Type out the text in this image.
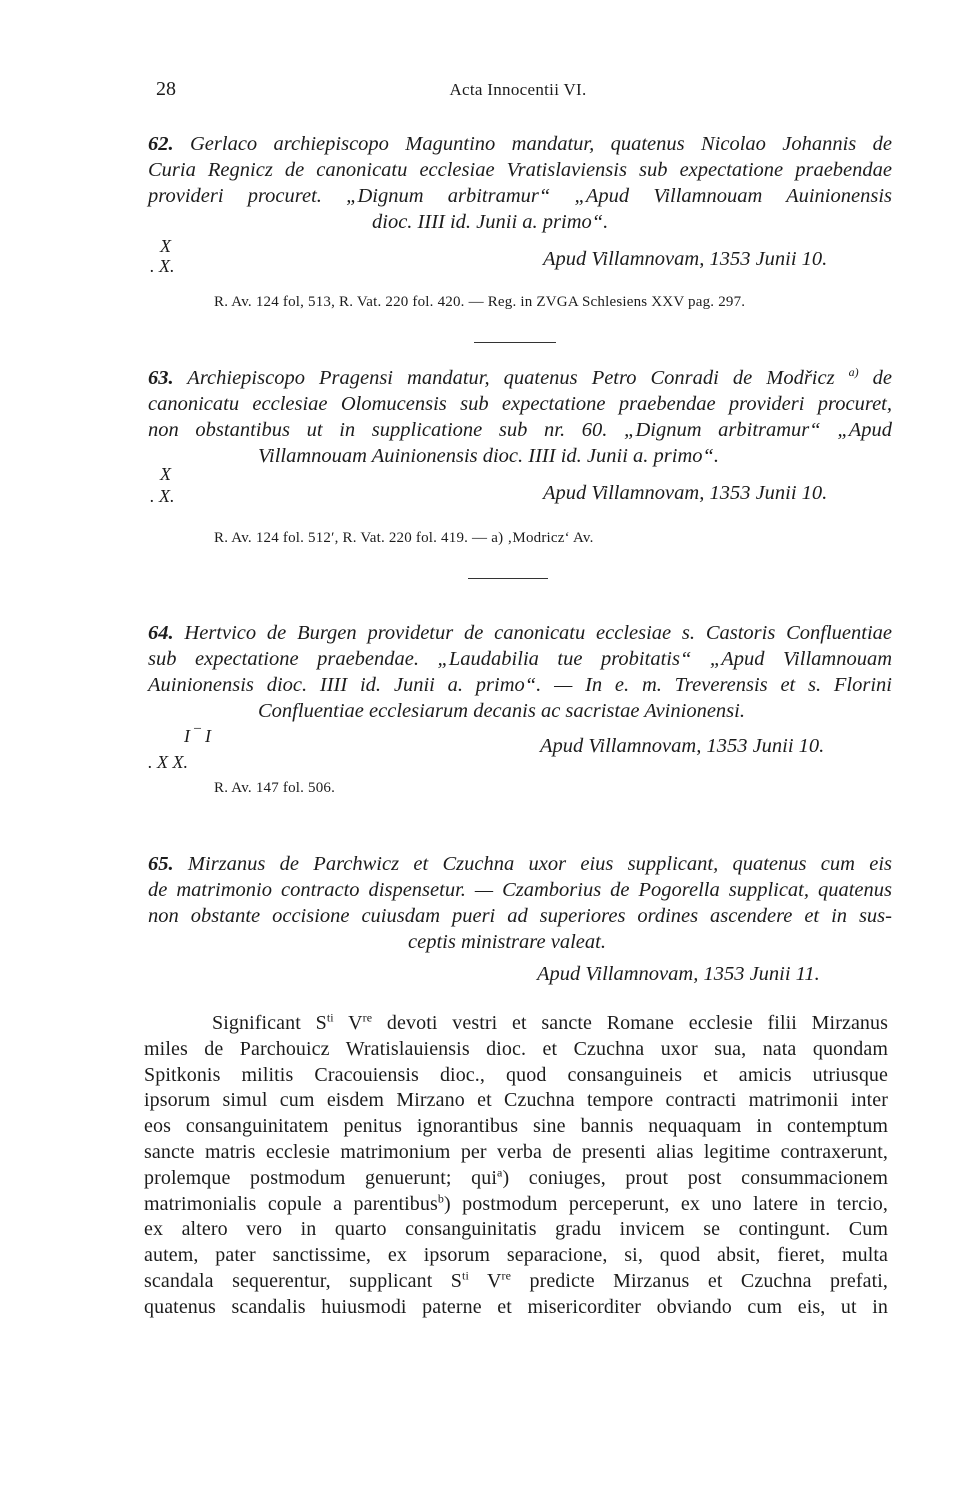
28	Acta Innocentii VI.
62. Gerlaco archiepiscopo Maguntino mandatur, quatenus Nicolao Johannis de
Curia Regnicz de canonicatu ecclesiae Vratislaviensis sub expectatione praebendae
provideri procuret. „Dignum arbitramur“ „Apud Villamnouam Auinionensis
dioc. IIII id. Junii a. primo“.
X
. X.	Apud Villamnovam, 1353 Junii 10.
R. Av. 124 fol, 513, R. Vat. 220 fol. 420. — Reg. in ZVGA Schlesiens XXV pag. 297.
63. Archiepiscopo Pragensi mandatur, quatenus Petro Conradi de Modřicz $^{a)}$ de
canonicatu ecclesiae Olomucensis sub expectatione praebendae provideri procuret,
non obstantibus ut in supplicatione sub nr. 60. „Dignum arbitramur“ „Apud
Villamnouam Auinionensis dioc. IIII id. Junii a. primo“.
X
. X.	Apud Villamnovam, 1353 Junii 10.
R. Av. 124 fol. 512′, R. Vat. 220 fol. 419. — a) ‚Modricz‘ Av.
64. Hertvico de Burgen providetur de canonicatu ecclesiae s. Castoris Confluentiae
sub expectatione praebendae. „Laudabilia tue probitatis“ „Apud Villamnouam
Auinionensis dioc. IIII id. Junii a. primo“. — In e. m. Treverensis et s. Florini
Confluentiae ecclesiarum decanis ac sacristae Avinionensi.
I ‾ I
. X X.
Apud Villamnovam, 1353 Junii 10.
R. Av. 147 fol. 506.
65. Mirzanus de Parchwicz et Czuchna uxor eius supplicant, quatenus cum eis
de matrimonio contracto dispensetur. — Czamborius de Pogorella supplicat, quatenus
non obstante occisione cuiusdam pueri ad superiores ordines ascendere et in sus-
ceptis ministrare valeat.
Apud Villamnovam, 1353 Junii 11.
Significant $S^{ti}$ Vre devoti vestri et sancte Romane ecclesie filii Mirzanus
miles de Parchouicz Wratislauiensis dioc. et Czuchna uxor sua, nata quondam
Spitkonis militis Cracouiensis dioc., quod consanguineis et amicis utriusque
ipsorum simul cum eisdem Mirzano et Czuchna tempore contracti matrimonii inter
eos consanguinitatem penitus ignorantibus sine bannis nequaquam in contemptum
sancte matris ecclesie matrimonium per verba de presenti alias legitime contraxerunt,
prolemque postmodum genuerunt; qui$^a$) coniuges, prout post consummacionem
matrimonialis copule a parentibus$^b$) postmodum perceperunt, ex uno latere in tercio,
ex altero vero in quarto consanguinitatis gradu invicem se contingunt. Cum
autem, pater sanctissime, ex ipsorum separacione, si, quod absit, fieret, multa
scandala sequerentur, supplicant $S^{ti}$ Vre predicte Mirzanus et Czuchna prefati,
quatenus scandalis huiusmodi paterne et misericorditer obviando cum eis, ut in
